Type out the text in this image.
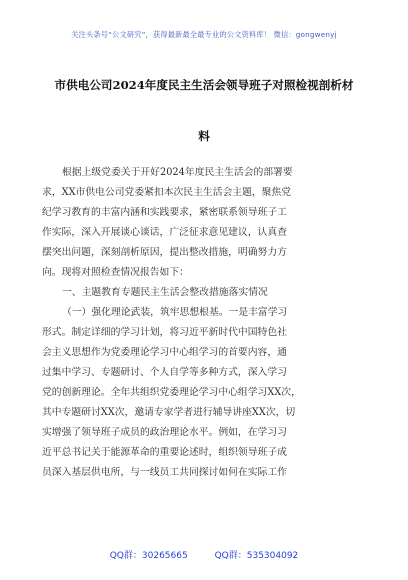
关注头条号“公文研究”，获得最新最全最专业的公文资料库！ 微信：gongwenyj
市供电公司2024年度民主生活会领导班子对照检视剖析材
料
根据上级党委关于开好2024年度民主生活会的部署要
求，XX市供电公司党委紧扣本次民主生活会主题，聚焦党
纪学习教育的丰富内涵和实践要求，紧密联系领导班子工
作实际，深入开展谈心谈话，广泛征求意见建议，认真查
摆突出问题，深刻剖析原因，提出整改措施，明确努力方
向。现将对照检查情况报告如下：
一、主题教育专题民主生活会整改措施落实情况
（一）强化理论武装，筑牢思想根基。一是丰富学习
形式。制定详细的学习计划，将习近平新时代中国特色社
会主义思想作为党委理论学习中心组学习的首要内容，通
过集中学习、专题研讨、个人自学等多种方式，深入学习
党的创新理论。全年共组织党委理论学习中心组学习XX次，
其中专题研讨XX次，邀请专家学者进行辅导讲座XX次，切
实增强了领导班子成员的政治理论水平。例如，在学习习
近平总书记关于能源革命的重要论述时，组织领导班子成
员深入基层供电所，与一线员工共同探讨如何在实际工作
QQ群：30265665	QQ群：535304092
